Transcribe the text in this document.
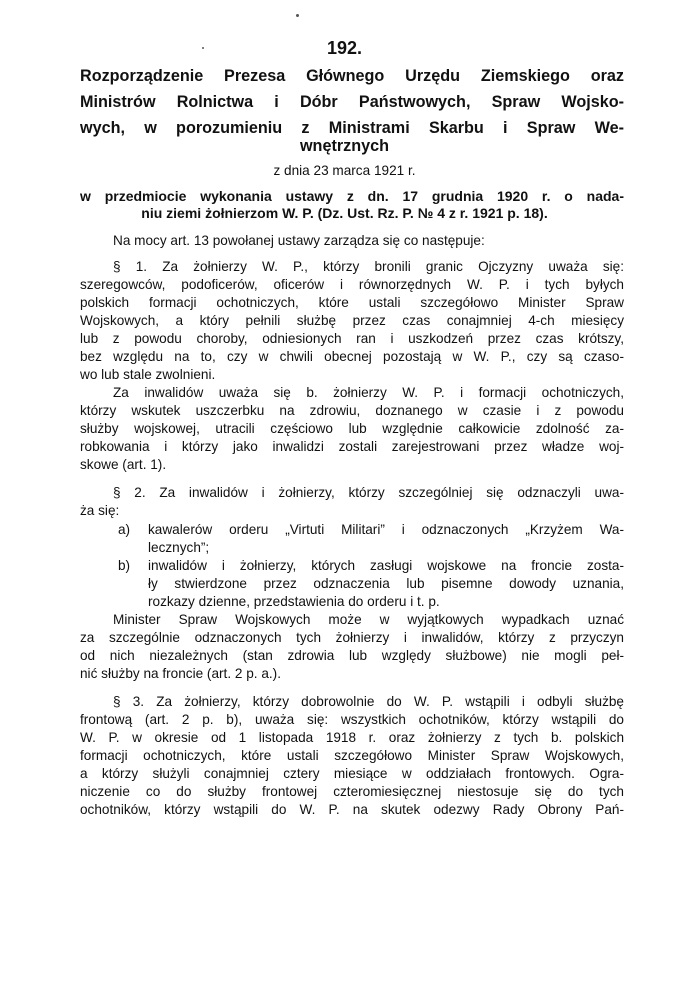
192.
Rozporządzenie Prezesa Głównego Urzędu Ziemskiego oraz
Ministrów Rolnictwa i Dóbr Państwowych, Spraw Wojsko-
wych, w porozumieniu z Ministrami Skarbu i Spraw We-
wnętrznych
z dnia 23 marca 1921 r.
w przedmiocie wykonania ustawy z dn. 17 grudnia 1920 r. o nada-
niu ziemi żołnierzom W. P. (Dz. Ust. Rz. P. № 4 z r. 1921 p. 18).
Na mocy art. 13 powołanej ustawy zarządza się co następuje:
§ 1. Za żołnierzy W. P., którzy bronili granic Ojczyzny uważa się:
szeregowców, podoficerów, oficerów i równorzędnych W. P. i tych byłych
polskich formacji ochotniczych, które ustali szczegółowo Minister Spraw
Wojskowych, a który pełnili służbę przez czas conajmniej 4-ch miesięcy
lub z powodu choroby, odniesionych ran i uszkodzeń przez czas krótszy,
bez względu na to, czy w chwili obecnej pozostają w W. P., czy są czaso-
wo lub stale zwolnieni.
Za inwalidów uważa się b. żołnierzy W. P. i formacji ochotniczych,
którzy wskutek uszczerbku na zdrowiu, doznanego w czasie i z powodu
służby wojskowej, utracili częściowo lub względnie całkowicie zdolność za-
robkowania i którzy jako inwalidzi zostali zarejestrowani przez władze woj-
skowe (art. 1).
§ 2. Za inwalidów i żołnierzy, którzy szczególniej się odznaczyli uwa-
ża się:
a) kawalerów orderu „Virtuti Militari” i odznaczonych „Krzyżem Wa-
lecznych”;
b) inwalidów i żołnierzy, których zasługi wojskowe na froncie zosta-
ły stwierdzone przez odznaczenia lub pisemne dowody uznania,
rozkazy dzienne, przedstawienia do orderu i t. p.
Minister Spraw Wojskowych może w wyjątkowych wypadkach uznać
za szczególnie odznaczonych tych żołnierzy i inwalidów, którzy z przyczyn
od nich niezależnych (stan zdrowia lub względy służbowe) nie mogli peł-
nić służby na froncie (art. 2 p. a.).
§ 3. Za żołnierzy, którzy dobrowolnie do W. P. wstąpili i odbyli służbę
frontową (art. 2 p. b), uważa się: wszystkich ochotników, którzy wstąpili do
W. P. w okresie od 1 listopada 1918 r. oraz żołnierzy z tych b. polskich
formacji ochotniczych, które ustali szczegółowo Minister Spraw Wojskowych,
a którzy służyli conajmniej cztery miesiące w oddziałach frontowych. Ogra-
niczenie co do służby frontowej czteromiesięcznej niestosuje się do tych
ochotników, którzy wstąpili do W. P. na skutek odezwy Rady Obrony Pań-
